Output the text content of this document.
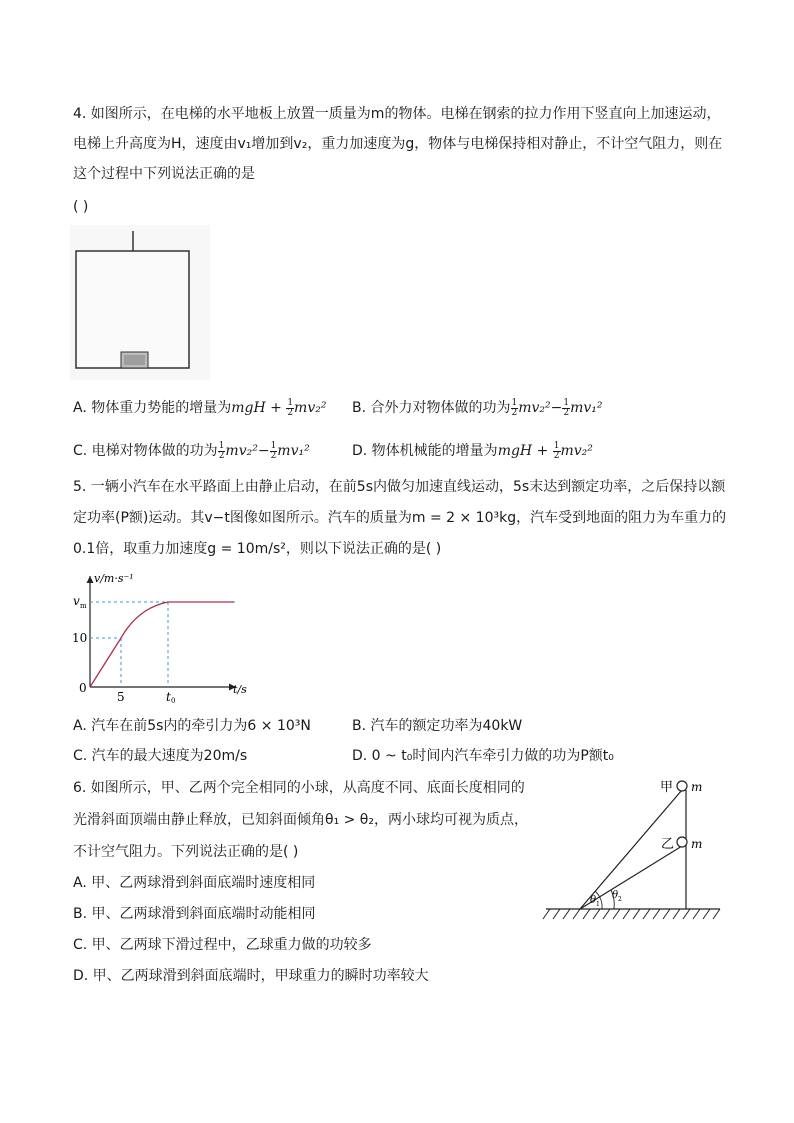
4. 如图所示，在电梯的水平地板上放置一质量为m的物体。电梯在钢索的拉力作用下竖直向上加速运动，
电梯上升高度为H，速度由v₁增加到v₂，重力加速度为g，物体与电梯保持相对静止，不计空气阻力，则在
这个过程中下列说法正确的是
( )
A. 物体重力势能的增量为mgH + $\frac{1}{2} mv_2^2$ B. 合外力对物体做的功为 $\frac{1}{2} mv_2^2- \frac{1}{2} mv_1^2$
C. 电梯对物体做的功为 $\frac{1}{2} mv_2^2- \frac{1}{2} mv_1^2$	D. 物体机械能的增量为mgH + $\frac{1}{2} mv_2^2$
5. 一辆小汽车在水平路面上由静止启动，在前5s内做匀加速直线运动，5s末达到额定功率，之后保持以额
定功率(P额)运动。其v−t图像如图所示。汽车的质量为m = 2 × 10³kg，汽车受到地面的阻力为车重力的
0.1倍，取重力加速度g = 10m/s²，则以下说法正确的是( )
v/m·s⁻¹
t/s
v m
10
0
5	t 0
A. 汽车在前5s内的牵引力为6 × 10³N	B. 汽车的额定功率为40kW
C. 汽车的最大速度为20m/s	D. 0 ~ t₀时间内汽车牵引力做的功为P额t₀
6. 如图所示，甲、乙两个完全相同的小球，从高度不同、底面长度相同的
光滑斜面顶端由静止释放，已知斜面倾角θ₁ > θ₂，两小球均可视为质点，
不计空气阻力。下列说法正确的是( )
A. 甲、乙两球滑到斜面底端时速度相同
B. 甲、乙两球滑到斜面底端时动能相同
C. 甲、乙两球下滑过程中，乙球重力做的功较多
D. 甲、乙两球滑到斜面底端时，甲球重力的瞬时功率较大
甲 m
乙 m
θ 1
θ 2
